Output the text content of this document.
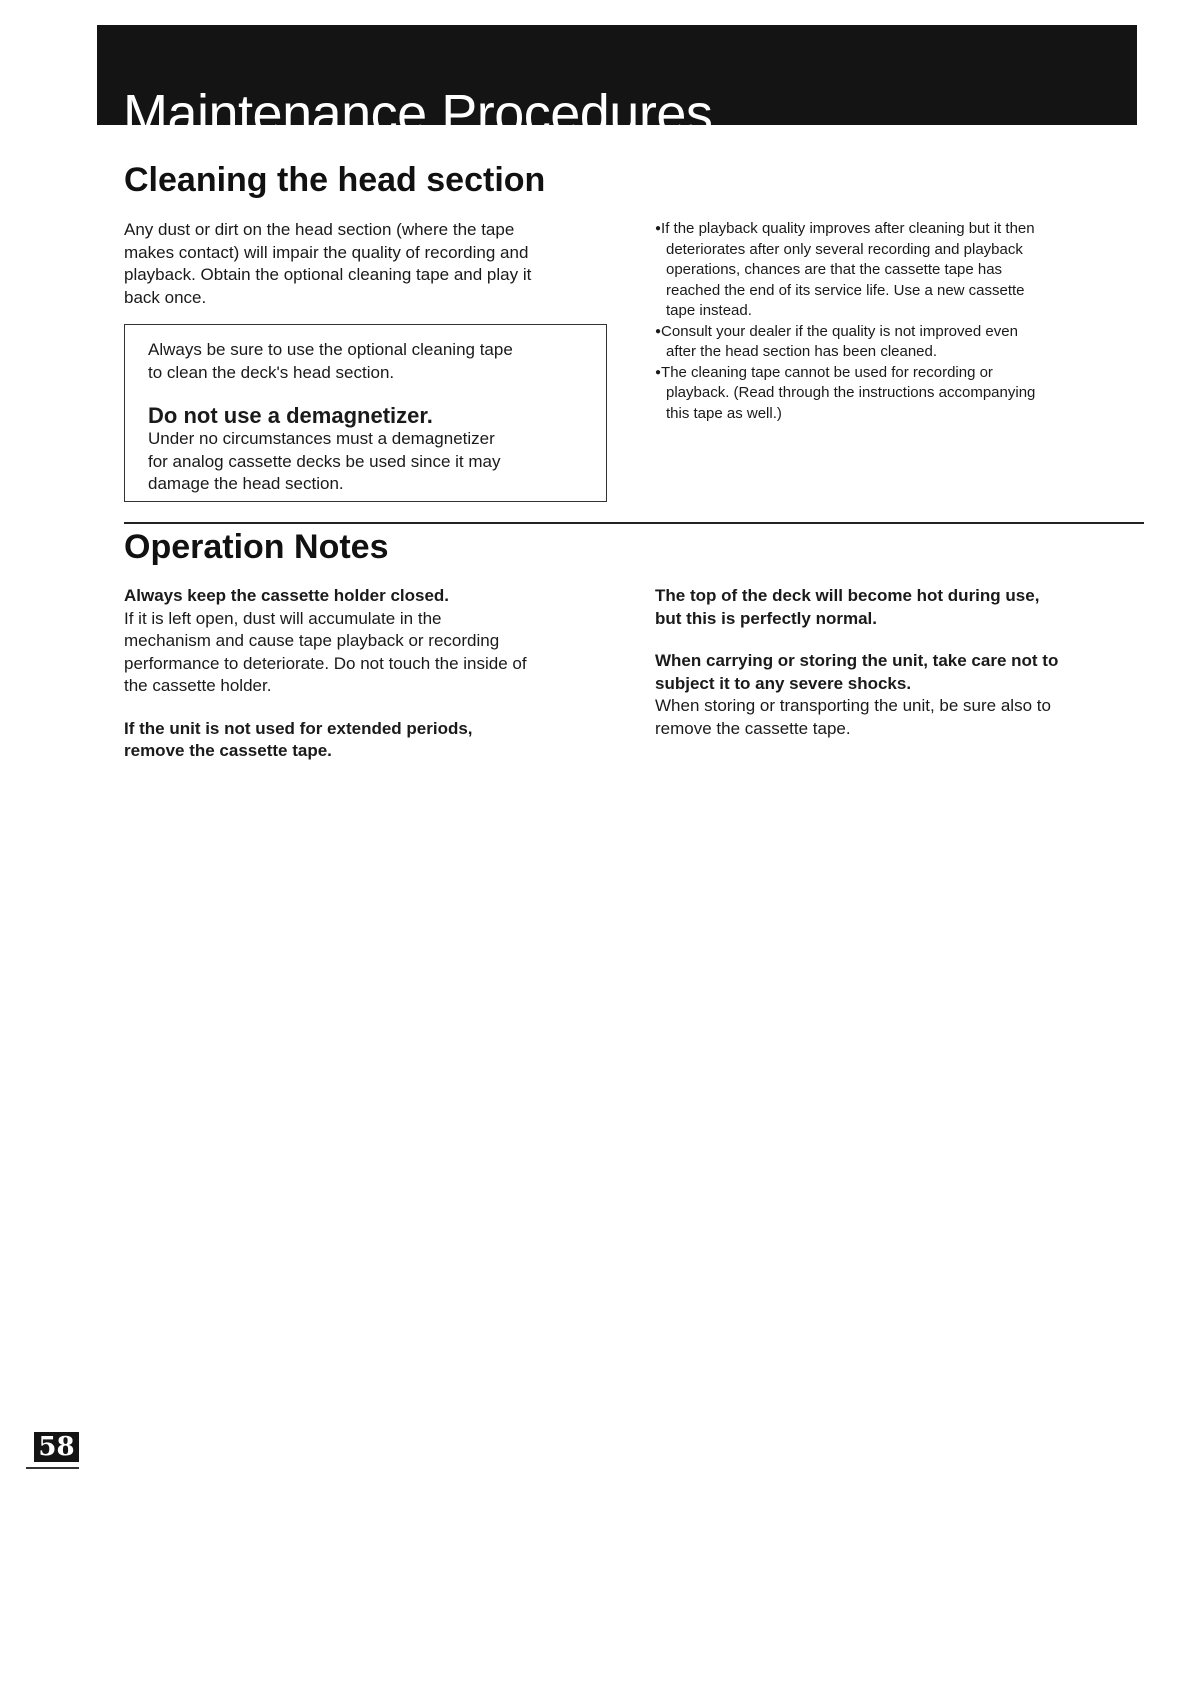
Maintenance Procedures
Cleaning the head section
Any dust or dirt on the head section (where the tape
makes contact) will impair the quality of recording and
playback. Obtain the optional cleaning tape and play it
back once.
Always be sure to use the optional cleaning tape
to clean the deck's head section.
Do not use a demagnetizer.
Under no circumstances must a demagnetizer
for analog cassette decks be used since it may
damage the head section.
●If the playback quality improves after cleaning but it then
deteriorates after only several recording and playback
operations, chances are that the cassette tape has
reached the end of its service life. Use a new cassette
tape instead.
●Consult your dealer if the quality is not improved even
after the head section has been cleaned.
●The cleaning tape cannot be used for recording or
playback. (Read through the instructions accompanying
this tape as well.)
Operation Notes
Always keep the cassette holder closed.
If it is left open, dust will accumulate in the
mechanism and cause tape playback or recording
performance to deteriorate. Do not touch the inside of
the cassette holder.
If the unit is not used for extended periods,
remove the cassette tape.
The top of the deck will become hot during use,
but this is perfectly normal.
When carrying or storing the unit, take care not to
subject it to any severe shocks.
When storing or transporting the unit, be sure also to
remove the cassette tape.
58
